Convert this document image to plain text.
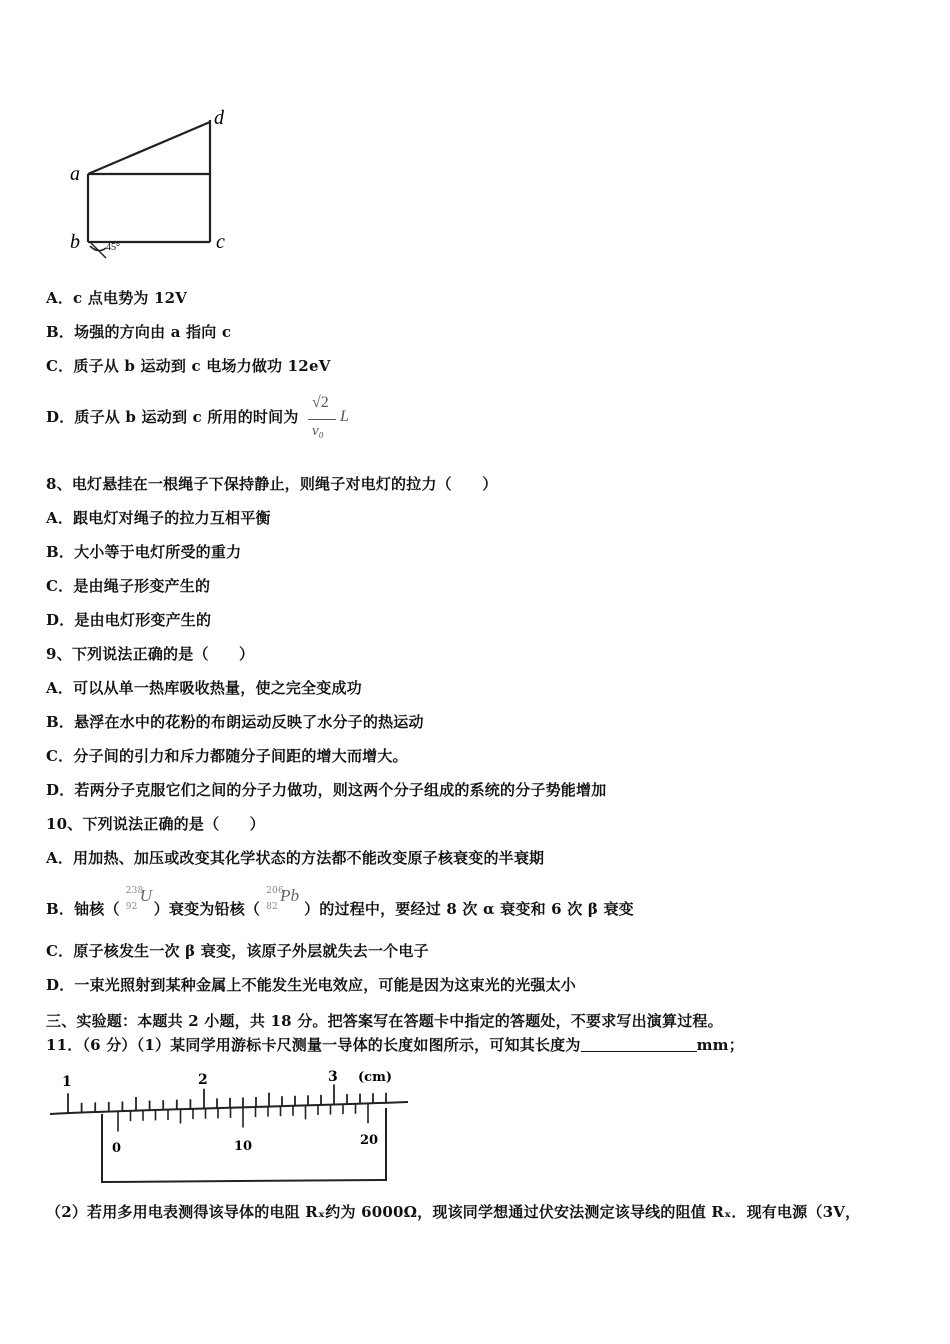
a
b	c
d
45°
A．c 点电势为 12V
B．场强的方向由 a 指向 c
C．质子从 b 运动到 c 电场力做功 12eV
D．质子从 b 运动到 c 所用的时间为
√2
v₀
L
8、电灯悬挂在一根绳子下保持静止，则绳子对电灯的拉力（　　）
A．跟电灯对绳子的拉力互相平衡
B．大小等于电灯所受的重力
C．是由绳子形变产生的
D．是由电灯形变产生的
9、下列说法正确的是（　　）
A．可以从单一热库吸收热量，使之完全变成功
B．悬浮在水中的花粉的布朗运动反映了水分子的热运动
C．分子间的引力和斥力都随分子间距的增大而增大。
D．若两分子克服它们之间的分子力做功，则这两个分子组成的系统的分子势能增加
10、下列说法正确的是（　　）
A．用加热、加压或改变其化学状态的方法都不能改变原子核衰变的半衰期
B．铀核（
238
92
U
）衰变为铅核（
206
82
Pb
）的过程中，要经过 8 次 α 衰变和 6 次 β 衰变
C．原子核发生一次 β 衰变，该原子外层就失去一个电子
D．一束光照射到某种金属上不能发生光电效应，可能是因为这束光的光强太小
三、实验题：本题共 2 小题，共 18 分。把答案写在答题卡中指定的答题处，不要求写出演算过程。
11．（6 分）（1）某同学用游标卡尺测量一导体的长度如图所示，可知其长度为	mm；
1	2	3 (cm)
0	10	20
（2）若用多用电表测得该导体的电阻 Rₓ约为 6000Ω，现该同学想通过伏安法测定该导线的阻值 Rₓ．现有电源（3V，
